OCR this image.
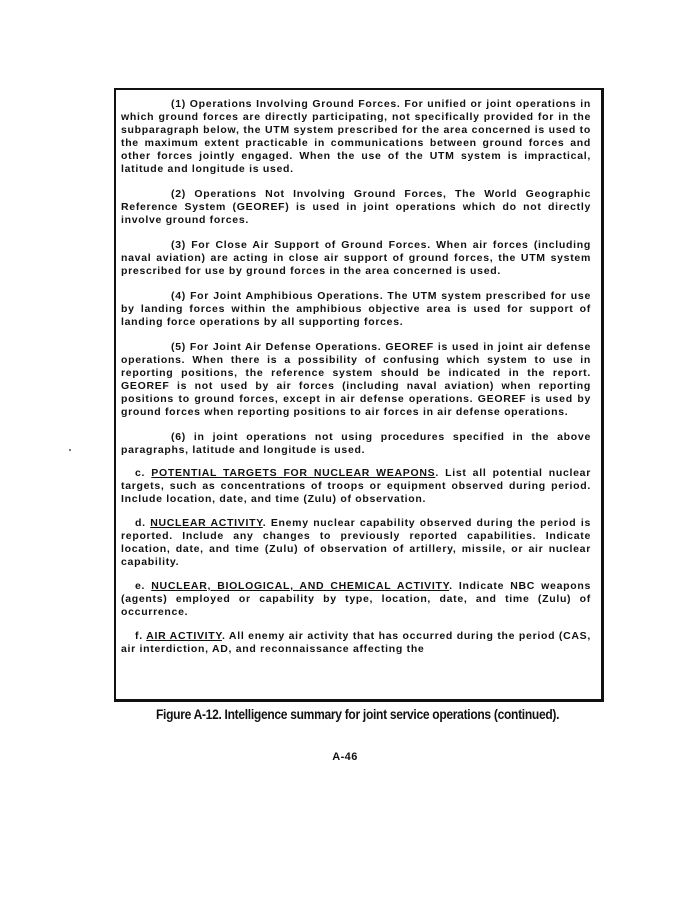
(1) Operations Involving Ground Forces. For unified or joint operations in which ground forces are directly participating, not specifically provided for in the subparagraph below, the UTM system prescribed for the area concerned is used to the maximum extent practicable in communications between ground forces and other forces jointly engaged. When the use of the UTM system is impractical, latitude and longitude is used.

(2) Operations Not Involving Ground Forces, The World Geographic Reference System (GEOREF) is used in joint operations which do not directly involve ground forces.

(3) For Close Air Support of Ground Forces. When air forces (including naval aviation) are acting in close air support of ground forces, the UTM system prescribed for use by ground forces in the area concerned is used.

(4) For Joint Amphibious Operations. The UTM system prescribed for use by landing forces within the amphibious objective area is used for support of landing force operations by all supporting forces.

(5) For Joint Air Defense Operations. GEOREF is used in joint air defense operations. When there is a possibility of confusing which system to use in reporting positions, the reference system should be indicated in the report. GEOREF is not used by air forces (including naval aviation) when reporting positions to ground forces, except in air defense operations. GEOREF is used by ground forces when reporting positions to air forces in air defense operations.

(6) in joint operations not using procedures specified in the above paragraphs, latitude and longitude is used.

c. POTENTIAL TARGETS FOR NUCLEAR WEAPONS. List all potential nuclear targets, such as concentrations of troops or equipment observed during period. Include location, date, and time (Zulu) of observation.

d. NUCLEAR ACTIVITY. Enemy nuclear capability observed during the period is reported. Include any changes to previously reported capabilities. Indicate location, date, and time (Zulu) of observation of artillery, missile, or air nuclear capability.

e. NUCLEAR, BIOLOGICAL, AND CHEMICAL ACTIVITY. Indicate NBC weapons (agents) employed or capability by type, location, date, and time (Zulu) of occurrence.

f. AIR ACTIVITY. All enemy air activity that has occurred during the period (CAS, air interdiction, AD, and reconnaissance affecting the

Figure A-12. Intelligence summary for joint service operations (continued).
A-46
